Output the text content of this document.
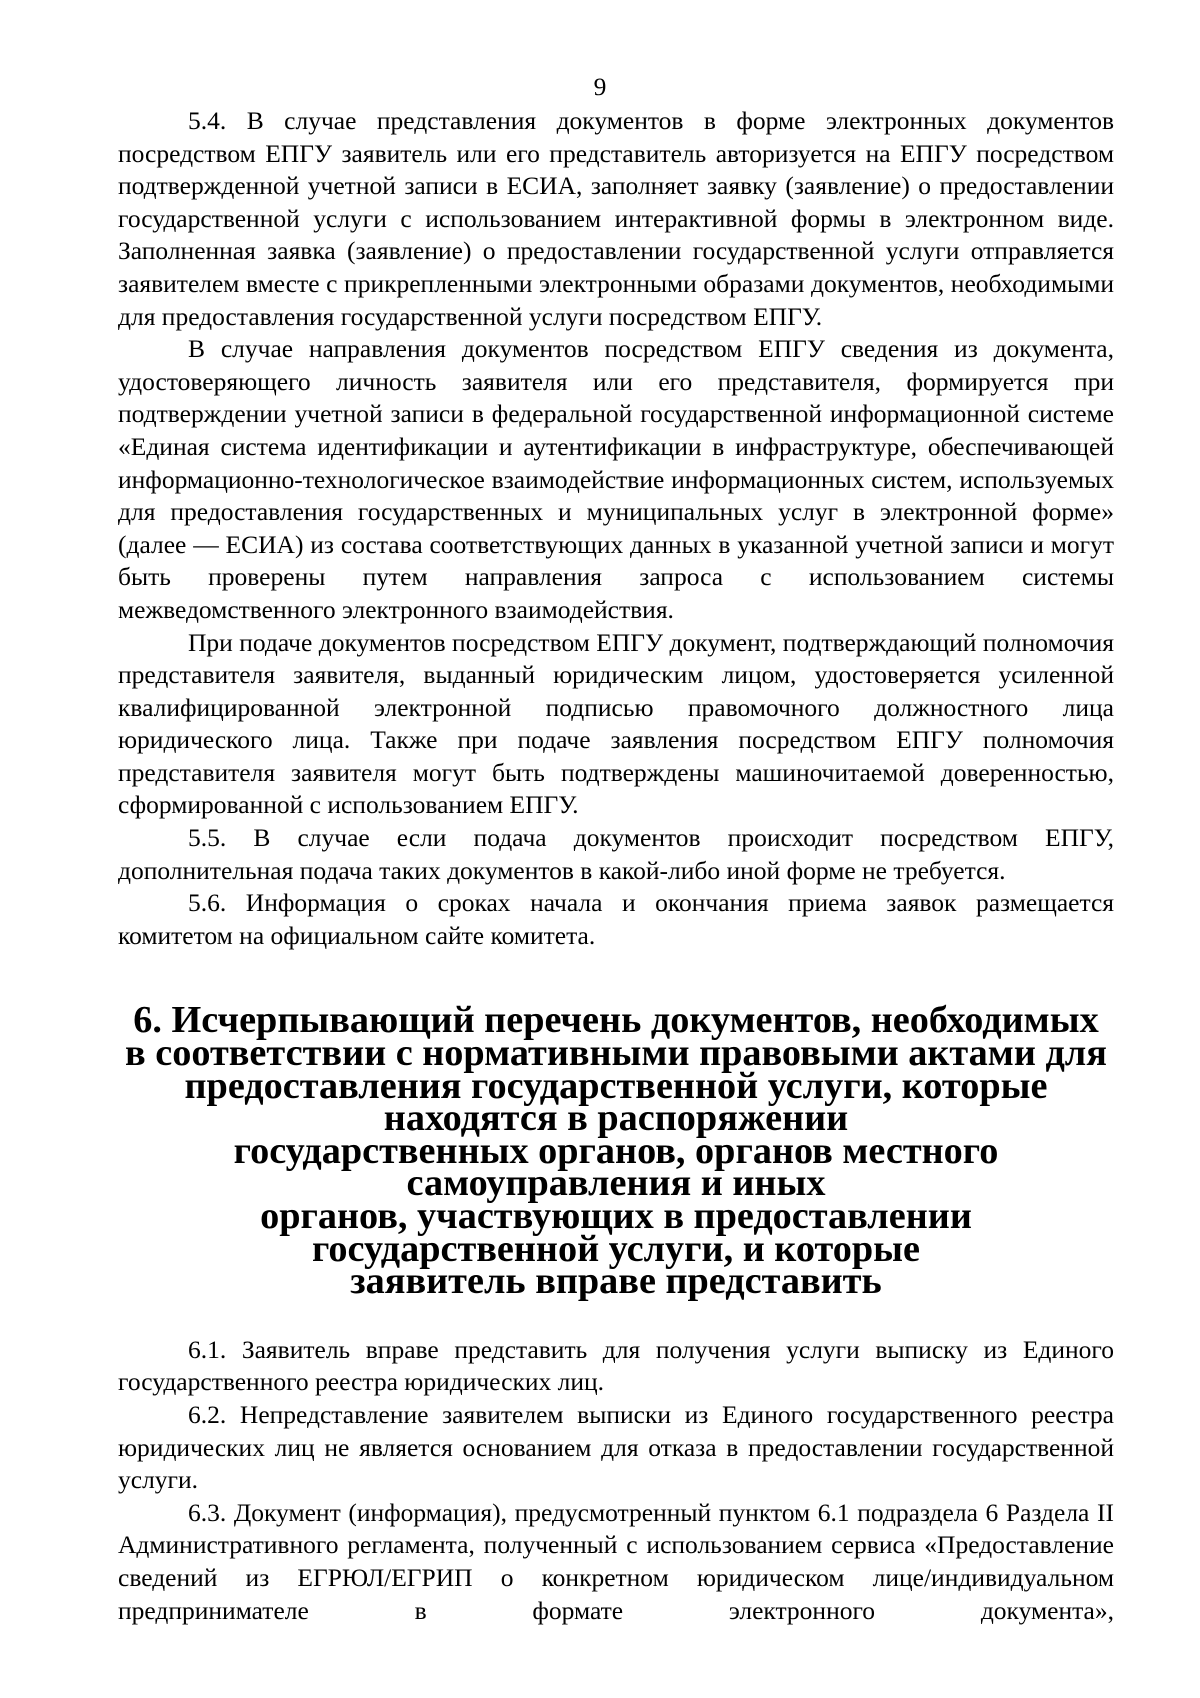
9

5.4. В случае представления документов в форме электронных документов посредством ЕПГУ заявитель или его представитель авторизуется на ЕПГУ посредством подтвержденной учетной записи в ЕСИА, заполняет заявку (заявление) о предоставлении государственной услуги с использованием интерактивной формы в электронном виде. Заполненная заявка (заявление) о предоставлении государственной услуги отправляется заявителем вместе с прикрепленными электронными образами документов, необходимыми для предоставления государственной услуги посредством ЕПГУ.

В случае направления документов посредством ЕПГУ сведения из документа, удостоверяющего личность заявителя или его представителя, формируется при подтверждении учетной записи в федеральной государственной информационной системе «Единая система идентификации и аутентификации в инфраструктуре, обеспечивающей информационно-технологическое взаимодействие информационных систем, используемых для предоставления государственных и муниципальных услуг в электронной форме» (далее — ЕСИА) из состава соответствующих данных в указанной учетной записи и могут быть проверены путем направления запроса с использованием системы межведомственного электронного взаимодействия.

При подаче документов посредством ЕПГУ документ, подтверждающий полномочия представителя заявителя, выданный юридическим лицом, удостоверяется усиленной квалифицированной электронной подписью правомочного должностного лица юридического лица. Также при подаче заявления посредством ЕПГУ полномочия представителя заявителя могут быть подтверждены машиночитаемой доверенностью, сформированной с использованием ЕПГУ.

5.5. В случае если подача документов происходит посредством ЕПГУ, дополнительная подача таких документов в какой-либо иной форме не требуется.

5.6. Информация о сроках начала и окончания приема заявок размещается комитетом на официальном сайте комитета.

6. Исчерпывающий перечень документов, необходимых
в соответствии с нормативными правовыми актами для
предоставления государственной услуги, которые находятся в распоряжении
государственных органов, органов местного самоуправления и иных
органов, участвующих в предоставлении государственной услуги, и которые
заявитель вправе представить

6.1. Заявитель вправе представить для получения услуги выписку из Единого государственного реестра юридических лиц.

6.2. Непредставление заявителем выписки из Единого государственного реестра юридических лиц не является основанием для отказа в предоставлении государственной услуги.

6.3. Документ (информация), предусмотренный пунктом 6.1 подраздела 6 Раздела II Административного регламента, полученный с использованием сервиса «Предоставление сведений из ЕГРЮЛ/ЕГРИП о конкретном юридическом лице/индивидуальном предпринимателе в формате электронного документа»,
